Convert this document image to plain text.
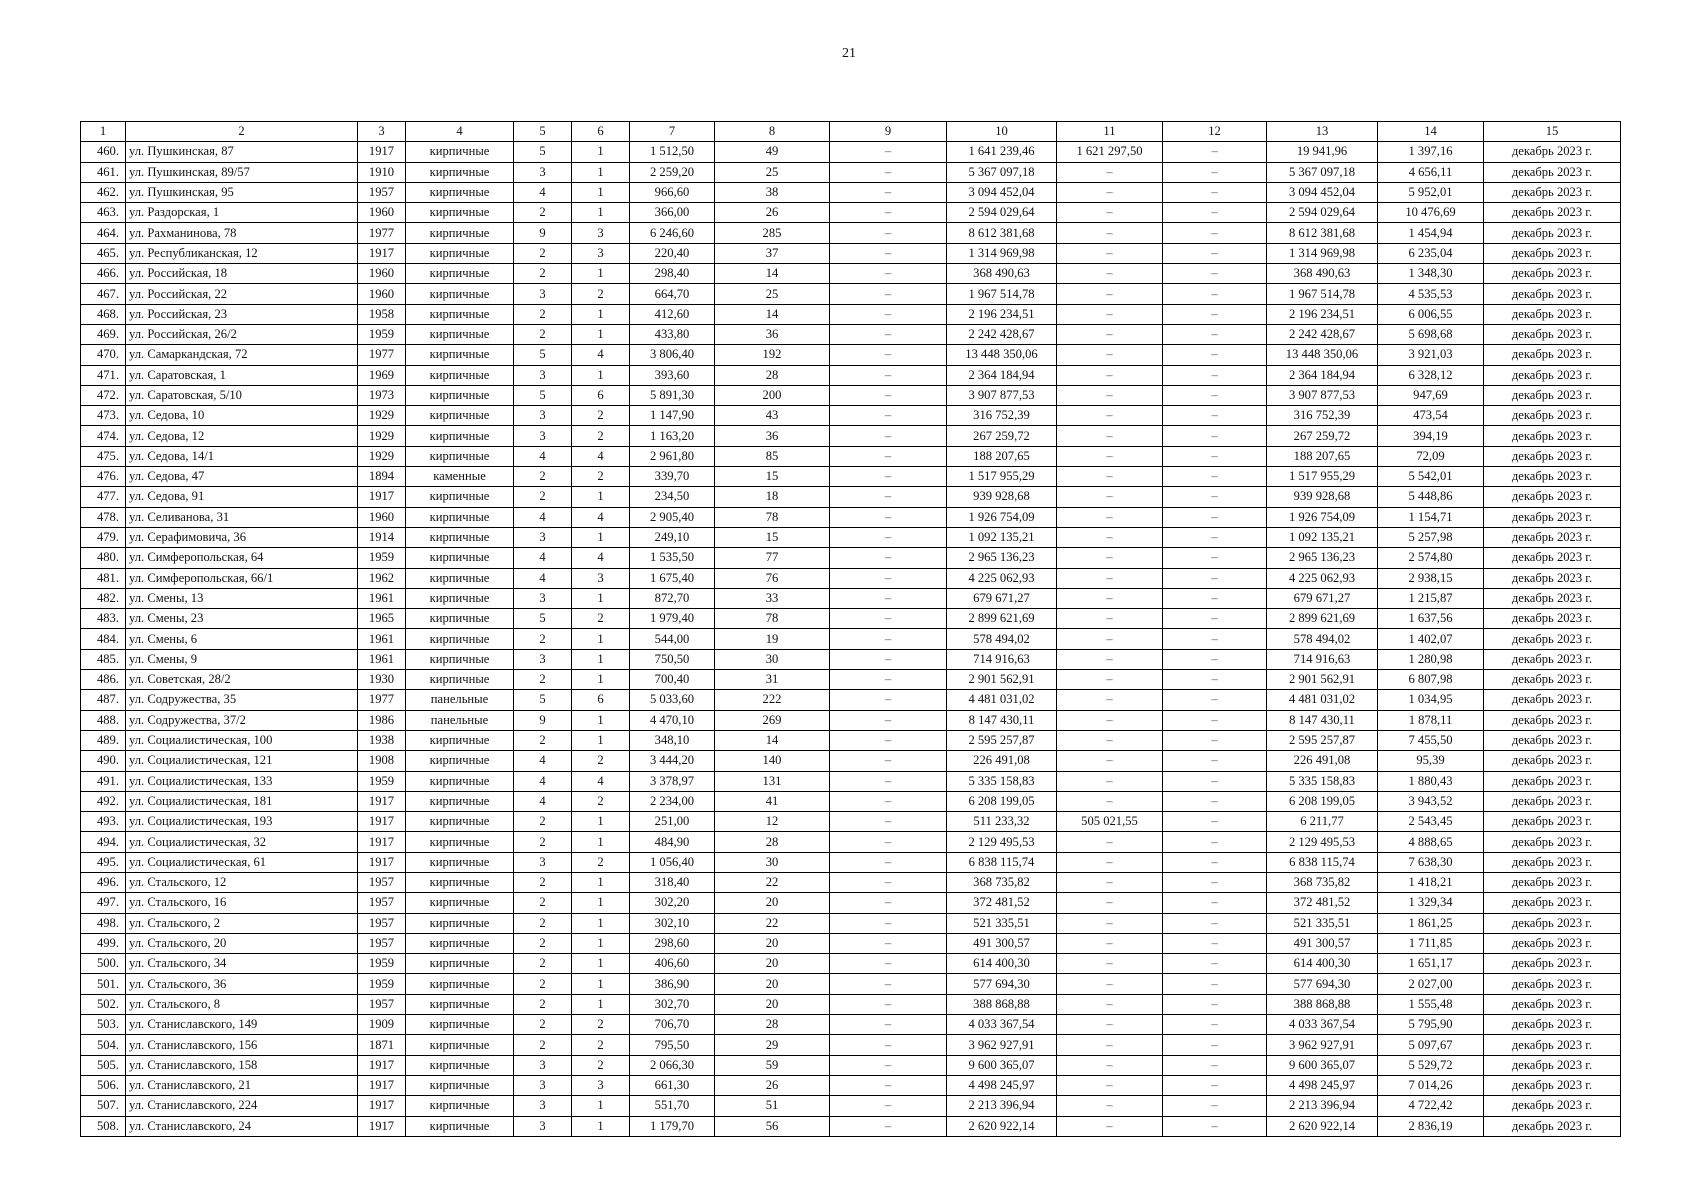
21
1	2	3	4	5	6	7	8	9	10	11	12	13	14	15
460.	ул. Пушкинская, 87	1917	кирпичные	5	1	1 512,50	49	–	1 641 239,46	1 621 297,50	–	19 941,96	1 397,16	декабрь 2023 г.
461.	ул. Пушкинская, 89/57	1910	кирпичные	3	1	2 259,20	25	–	5 367 097,18	–	–	5 367 097,18	4 656,11	декабрь 2023 г.
462.	ул. Пушкинская, 95	1957	кирпичные	4	1	966,60	38	–	3 094 452,04	–	–	3 094 452,04	5 952,01	декабрь 2023 г.
463.	ул. Раздорская, 1	1960	кирпичные	2	1	366,00	26	–	2 594 029,64	–	–	2 594 029,64	10 476,69	декабрь 2023 г.
464.	ул. Рахманинова, 78	1977	кирпичные	9	3	6 246,60	285	–	8 612 381,68	–	–	8 612 381,68	1 454,94	декабрь 2023 г.
465.	ул. Республиканская, 12	1917	кирпичные	2	3	220,40	37	–	1 314 969,98	–	–	1 314 969,98	6 235,04	декабрь 2023 г.
466.	ул. Российская, 18	1960	кирпичные	2	1	298,40	14	–	368 490,63	–	–	368 490,63	1 348,30	декабрь 2023 г.
467.	ул. Российская, 22	1960	кирпичные	3	2	664,70	25	–	1 967 514,78	–	–	1 967 514,78	4 535,53	декабрь 2023 г.
468.	ул. Российская, 23	1958	кирпичные	2	1	412,60	14	–	2 196 234,51	–	–	2 196 234,51	6 006,55	декабрь 2023 г.
469.	ул. Российская, 26/2	1959	кирпичные	2	1	433,80	36	–	2 242 428,67	–	–	2 242 428,67	5 698,68	декабрь 2023 г.
470.	ул. Самаркандская, 72	1977	кирпичные	5	4	3 806,40	192	–	13 448 350,06	–	–	13 448 350,06	3 921,03	декабрь 2023 г.
471.	ул. Саратовская, 1	1969	кирпичные	3	1	393,60	28	–	2 364 184,94	–	–	2 364 184,94	6 328,12	декабрь 2023 г.
472.	ул. Саратовская, 5/10	1973	кирпичные	5	6	5 891,30	200	–	3 907 877,53	–	–	3 907 877,53	947,69	декабрь 2023 г.
473.	ул. Седова, 10	1929	кирпичные	3	2	1 147,90	43	–	316 752,39	–	–	316 752,39	473,54	декабрь 2023 г.
474.	ул. Седова, 12	1929	кирпичные	3	2	1 163,20	36	–	267 259,72	–	–	267 259,72	394,19	декабрь 2023 г.
475.	ул. Седова, 14/1	1929	кирпичные	4	4	2 961,80	85	–	188 207,65	–	–	188 207,65	72,09	декабрь 2023 г.
476.	ул. Седова, 47	1894	каменные	2	2	339,70	15	–	1 517 955,29	–	–	1 517 955,29	5 542,01	декабрь 2023 г.
477.	ул. Седова, 91	1917	кирпичные	2	1	234,50	18	–	939 928,68	–	–	939 928,68	5 448,86	декабрь 2023 г.
478.	ул. Селиванова, 31	1960	кирпичные	4	4	2 905,40	78	–	1 926 754,09	–	–	1 926 754,09	1 154,71	декабрь 2023 г.
479.	ул. Серафимовича, 36	1914	кирпичные	3	1	249,10	15	–	1 092 135,21	–	–	1 092 135,21	5 257,98	декабрь 2023 г.
480.	ул. Симферопольская, 64	1959	кирпичные	4	4	1 535,50	77	–	2 965 136,23	–	–	2 965 136,23	2 574,80	декабрь 2023 г.
481.	ул. Симферопольская, 66/1	1962	кирпичные	4	3	1 675,40	76	–	4 225 062,93	–	–	4 225 062,93	2 938,15	декабрь 2023 г.
482.	ул. Смены, 13	1961	кирпичные	3	1	872,70	33	–	679 671,27	–	–	679 671,27	1 215,87	декабрь 2023 г.
483.	ул. Смены, 23	1965	кирпичные	5	2	1 979,40	78	–	2 899 621,69	–	–	2 899 621,69	1 637,56	декабрь 2023 г.
484.	ул. Смены, 6	1961	кирпичные	2	1	544,00	19	–	578 494,02	–	–	578 494,02	1 402,07	декабрь 2023 г.
485.	ул. Смены, 9	1961	кирпичные	3	1	750,50	30	–	714 916,63	–	–	714 916,63	1 280,98	декабрь 2023 г.
486.	ул. Советская, 28/2	1930	кирпичные	2	1	700,40	31	–	2 901 562,91	–	–	2 901 562,91	6 807,98	декабрь 2023 г.
487.	ул. Содружества, 35	1977	панельные	5	6	5 033,60	222	–	4 481 031,02	–	–	4 481 031,02	1 034,95	декабрь 2023 г.
488.	ул. Содружества, 37/2	1986	панельные	9	1	4 470,10	269	–	8 147 430,11	–	–	8 147 430,11	1 878,11	декабрь 2023 г.
489.	ул. Социалистическая, 100	1938	кирпичные	2	1	348,10	14	–	2 595 257,87	–	–	2 595 257,87	7 455,50	декабрь 2023 г.
490.	ул. Социалистическая, 121	1908	кирпичные	4	2	3 444,20	140	–	226 491,08	–	–	226 491,08	95,39	декабрь 2023 г.
491.	ул. Социалистическая, 133	1959	кирпичные	4	4	3 378,97	131	–	5 335 158,83	–	–	5 335 158,83	1 880,43	декабрь 2023 г.
492.	ул. Социалистическая, 181	1917	кирпичные	4	2	2 234,00	41	–	6 208 199,05	–	–	6 208 199,05	3 943,52	декабрь 2023 г.
493.	ул. Социалистическая, 193	1917	кирпичные	2	1	251,00	12	–	511 233,32	505 021,55	–	6 211,77	2 543,45	декабрь 2023 г.
494.	ул. Социалистическая, 32	1917	кирпичные	2	1	484,90	28	–	2 129 495,53	–	–	2 129 495,53	4 888,65	декабрь 2023 г.
495.	ул. Социалистическая, 61	1917	кирпичные	3	2	1 056,40	30	–	6 838 115,74	–	–	6 838 115,74	7 638,30	декабрь 2023 г.
496.	ул. Стальского, 12	1957	кирпичные	2	1	318,40	22	–	368 735,82	–	–	368 735,82	1 418,21	декабрь 2023 г.
497.	ул. Стальского, 16	1957	кирпичные	2	1	302,20	20	–	372 481,52	–	–	372 481,52	1 329,34	декабрь 2023 г.
498.	ул. Стальского, 2	1957	кирпичные	2	1	302,10	22	–	521 335,51	–	–	521 335,51	1 861,25	декабрь 2023 г.
499.	ул. Стальского, 20	1957	кирпичные	2	1	298,60	20	–	491 300,57	–	–	491 300,57	1 711,85	декабрь 2023 г.
500.	ул. Стальского, 34	1959	кирпичные	2	1	406,60	20	–	614 400,30	–	–	614 400,30	1 651,17	декабрь 2023 г.
501.	ул. Стальского, 36	1959	кирпичные	2	1	386,90	20	–	577 694,30	–	–	577 694,30	2 027,00	декабрь 2023 г.
502.	ул. Стальского, 8	1957	кирпичные	2	1	302,70	20	–	388 868,88	–	–	388 868,88	1 555,48	декабрь 2023 г.
503.	ул. Станиславского, 149	1909	кирпичные	2	2	706,70	28	–	4 033 367,54	–	–	4 033 367,54	5 795,90	декабрь 2023 г.
504.	ул. Станиславского, 156	1871	кирпичные	2	2	795,50	29	–	3 962 927,91	–	–	3 962 927,91	5 097,67	декабрь 2023 г.
505.	ул. Станиславского, 158	1917	кирпичные	3	2	2 066,30	59	–	9 600 365,07	–	–	9 600 365,07	5 529,72	декабрь 2023 г.
506.	ул. Станиславского, 21	1917	кирпичные	3	3	661,30	26	–	4 498 245,97	–	–	4 498 245,97	7 014,26	декабрь 2023 г.
507.	ул. Станиславского, 224	1917	кирпичные	3	1	551,70	51	–	2 213 396,94	–	–	2 213 396,94	4 722,42	декабрь 2023 г.
508.	ул. Станиславского, 24	1917	кирпичные	3	1	1 179,70	56	–	2 620 922,14	–	–	2 620 922,14	2 836,19	декабрь 2023 г.
